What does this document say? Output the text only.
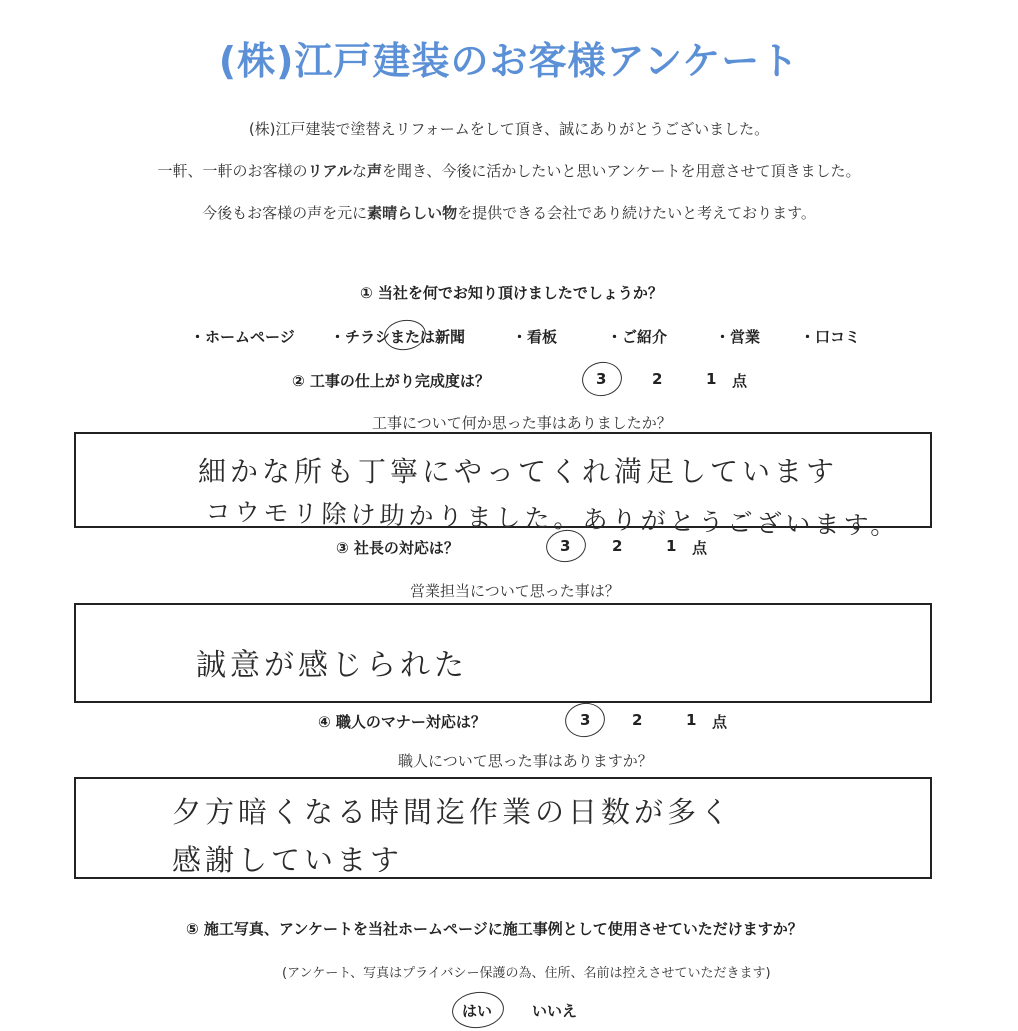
(株)江戸建装のお客様アンケート
(株)江戸建装で塗替えリフォームをして頂き、誠にありがとうございました。
一軒、一軒のお客様のリアルな声を聞き、今後に活かしたいと思いアンケートを用意させて頂きました。
今後もお客様の声を元に素晴らしい物を提供できる会社であり続けたいと考えております。
① 当社を何でお知り頂けましたでしょうか？
・ホームページ ・チラシまたは新聞	・看板	・ご紹介	・営業	・口コミ
② 工事の仕上がり完成度は？	3	2	1 点
工事について何か思った事はありましたか？
細かな所も丁寧にやってくれ満足しています
コウモリ除け助かりました。ありがとうございます。
③ 社長の対応は？	3	2	1 点
営業担当について思った事は？
誠意が感じられた
④ 職人のマナー対応は？	3	2	1 点
職人について思った事はありますか？
夕方暗くなる時間迄作業の日数が多く
感謝しています
⑤ 施工写真、アンケートを当社ホームページに施工事例として使用させていただけますか？
(アンケート、写真はプライバシー保護の為、住所、名前は控えさせていただきます)
はい	いいえ
